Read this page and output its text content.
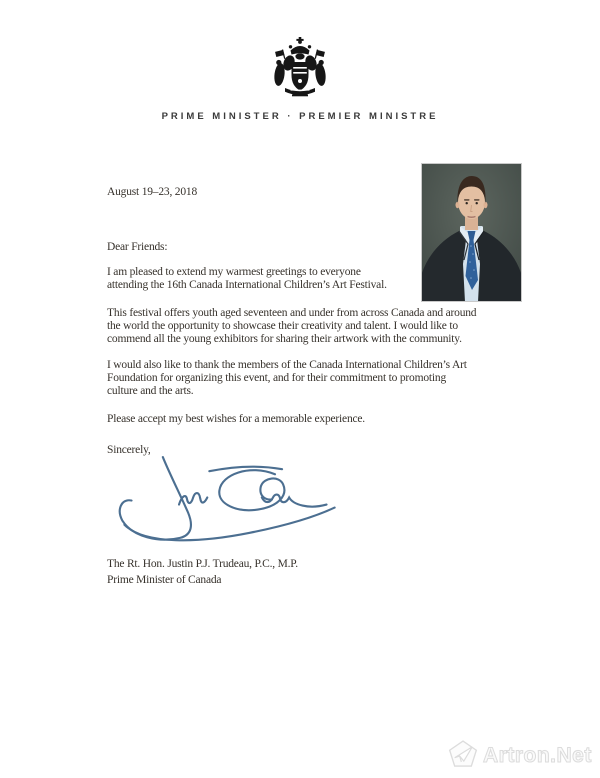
PRIME MINISTER · PREMIER MINISTRE
August 19–23, 2018
Dear Friends:
I am pleased to extend my warmest greetings to everyone
attending the 16th Canada International Children’s Art Festival.
This festival offers youth aged seventeen and under from across Canada and around
the world the opportunity to showcase their creativity and talent. I would like to
commend all the young exhibitors for sharing their artwork with the community.
I would also like to thank the members of the Canada International Children’s Art
Foundation for organizing this event, and for their commitment to promoting
culture and the arts.
Please accept my best wishes for a memorable experience.
Sincerely,
The Rt. Hon. Justin P.J. Trudeau, P.C., M.P.
Prime Minister of Canada
Artron.Net
